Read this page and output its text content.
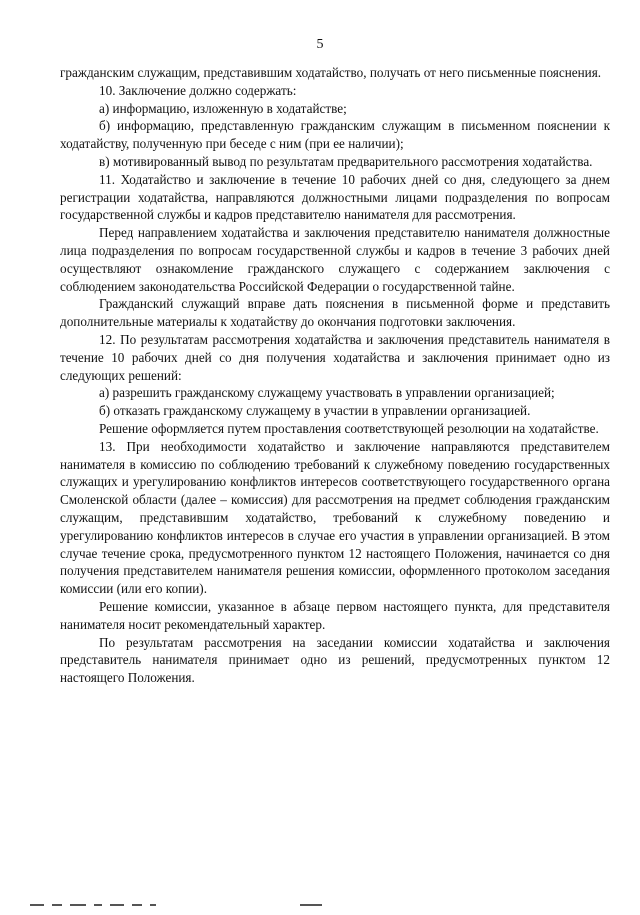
5

гражданским служащим, представившим ходатайство, получать от него письменные пояснения.

10. Заключение должно содержать:

а) информацию, изложенную в ходатайстве;

б) информацию, представленную гражданским служащим в письменном пояснении к ходатайству, полученную при беседе с ним (при ее наличии);

в) мотивированный вывод по результатам предварительного рассмотрения ходатайства.

11. Ходатайство и заключение в течение 10 рабочих дней со дня, следующего за днем регистрации ходатайства, направляются должностными лицами подразделения по вопросам государственной службы и кадров представителю нанимателя для рассмотрения.

Перед направлением ходатайства и заключения представителю нанимателя должностные лица подразделения по вопросам государственной службы и кадров в течение 3 рабочих дней осуществляют ознакомление гражданского служащего с содержанием заключения с соблюдением законодательства Российской Федерации о государственной тайне.

Гражданский служащий вправе дать пояснения в письменной форме и представить дополнительные материалы к ходатайству до окончания подготовки заключения.

12. По результатам рассмотрения ходатайства и заключения представитель нанимателя в течение 10 рабочих дней со дня получения ходатайства и заключения принимает одно из следующих решений:

а) разрешить гражданскому служащему участвовать в управлении организацией;

б) отказать гражданскому служащему в участии в управлении организацией.

Решение оформляется путем проставления соответствующей резолюции на ходатайстве.

13. При необходимости ходатайство и заключение направляются представителем нанимателя в комиссию по соблюдению требований к служебному поведению государственных служащих и урегулированию конфликтов интересов соответствующего государственного органа Смоленской области (далее – комиссия) для рассмотрения на предмет соблюдения гражданским служащим, представившим ходатайство, требований к служебному поведению и урегулированию конфликтов интересов в случае его участия в управлении организацией. В этом случае течение срока, предусмотренного пунктом 12 настоящего Положения, начинается со дня получения представителем нанимателя решения комиссии, оформленного протоколом заседания комиссии (или его копии).

Решение комиссии, указанное в абзаце первом настоящего пункта, для представителя нанимателя носит рекомендательный характер.

По результатам рассмотрения на заседании комиссии ходатайства и заключения представитель нанимателя принимает одно из решений, предусмотренных пунктом 12 настоящего Положения.
